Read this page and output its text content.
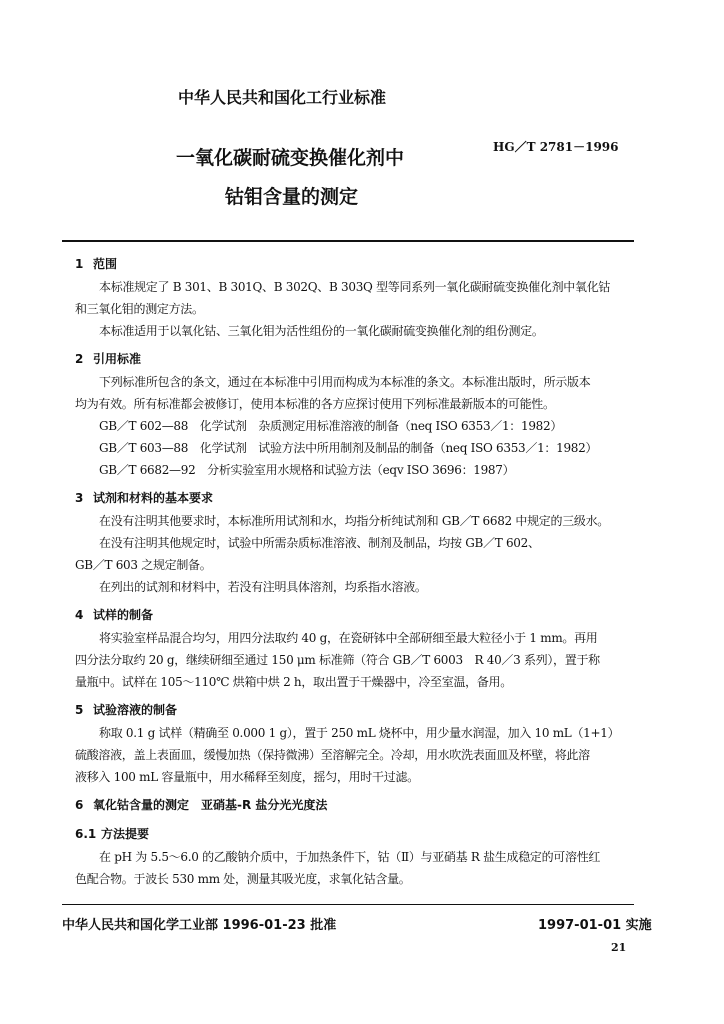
中华人民共和国化工行业标准
一氧化碳耐硫变换催化剂中	HG／T 2781－1996
钴钼含量的测定
1 范围

本标准规定了 B 301、B 301Q、B 302Q、B 303Q 型等同系列一氧化碳耐硫变换催化剂中氧化钴

和三氧化钼的测定方法。

本标准适用于以氧化钴、三氧化钼为活性组份的一氧化碳耐硫变换催化剂的组份测定。

2 引用标准

下列标准所包含的条文，通过在本标准中引用而构成为本标准的条文。本标准出版时，所示版本

均为有效。所有标准都会被修订，使用本标准的各方应探讨使用下列标准最新版本的可能性。

GB／T 602—88　化学试剂　杂质测定用标准溶液的制备（neq ISO 6353／1：1982）

GB／T 603—88　化学试剂　试验方法中所用制剂及制品的制备（neq ISO 6353／1：1982）

GB／T 6682—92　分析实验室用水规格和试验方法（eqv ISO 3696：1987）

3 试剂和材料的基本要求

在没有注明其他要求时，本标准所用试剂和水，均指分析纯试剂和 GB／T 6682 中规定的三级水。

在没有注明其他规定时，试验中所需杂质标准溶液、制剂及制品，均按 GB／T 602、

GB／T 603 之规定制备。

在列出的试剂和材料中，若没有注明具体溶剂，均系指水溶液。

4 试样的制备

将实验室样品混合均匀，用四分法取约 40 g，在瓷研钵中全部研细至最大粒径小于 1 mm。再用

四分法分取约 20 g，继续研细至通过 150 μm 标准筛（符合 GB／T 6003　R 40／3 系列），置于称

量瓶中。试样在 105～110℃ 烘箱中烘 2 h，取出置于干燥器中，冷至室温，备用。

5 试验溶液的制备

称取 0.1 g 试样（精确至 0.000 1 g），置于 250 mL 烧杯中，用少量水润湿，加入 10 mL（1+1）

硫酸溶液，盖上表面皿，缓慢加热（保持微沸）至溶解完全。冷却，用水吹洗表面皿及杯壁，将此溶

液移入 100 mL 容量瓶中，用水稀释至刻度，摇匀，用时干过滤。

6 氧化钴含量的测定　亚硝基-R 盐分光光度法
6.1 方法提要

在 pH 为 5.5～6.0 的乙酸钠介质中，于加热条件下，钴（Ⅱ）与亚硝基 R 盐生成稳定的可溶性红

色配合物。于波长 530 mm 处，测量其吸光度，求氧化钴含量。

中华人民共和国化学工业部 1996-01-23 批准	1997-01-01 实施
21
